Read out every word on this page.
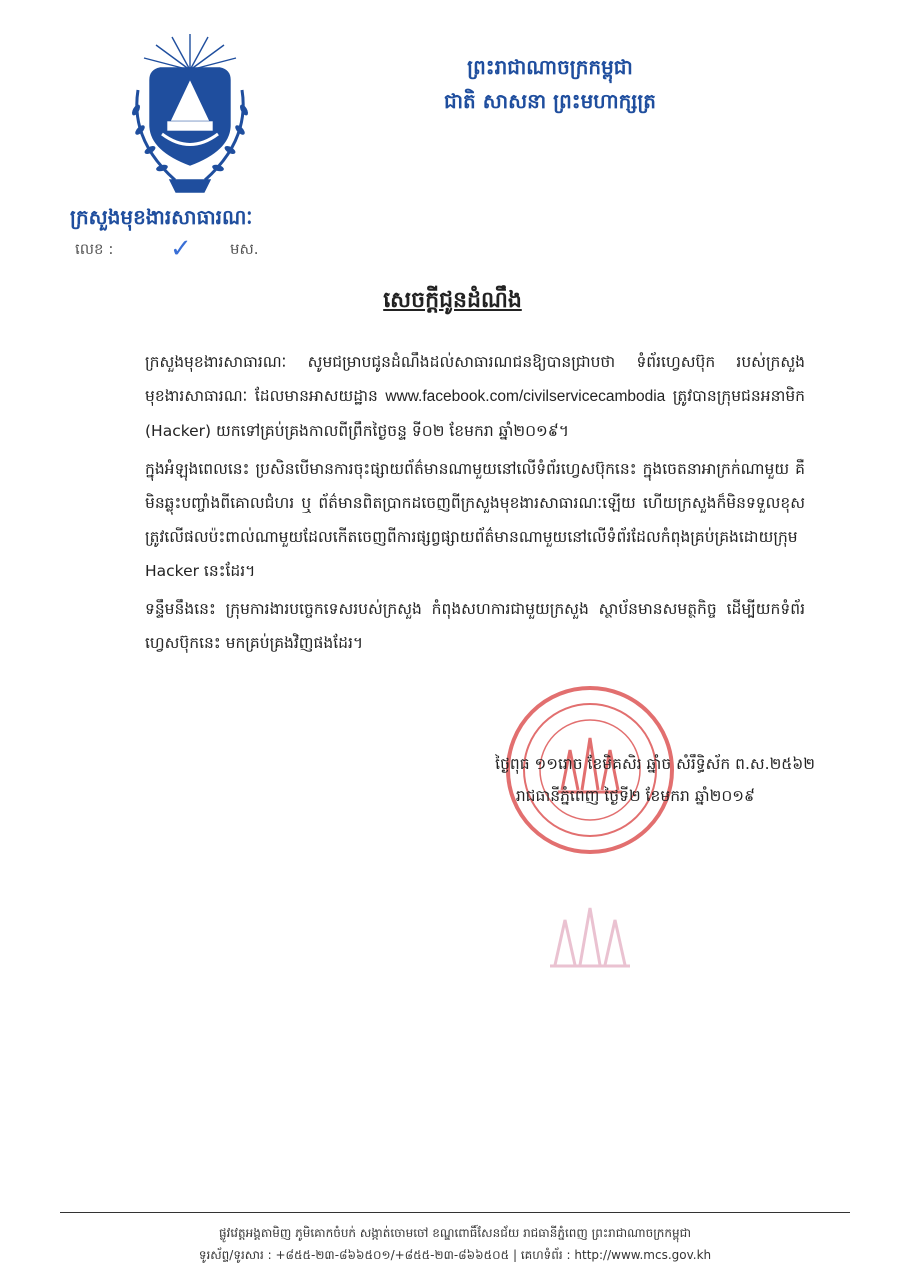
ក្រសួងមុខងារសាធារណៈ
លេខ : ✓	មស.
ព្រះរាជាណាចក្រកម្ពុជា
ជាតិ សាសនា ព្រះមហាក្សត្រ
សេចក្តីជូនដំណឹង

ក្រសួងមុខងារសាធារណៈ សូមជម្រាបជូនដំណឹងដល់សាធារណជនឱ្យបានជ្រាបថា ទំព័រហ្វេសប៊ុក របស់ក្រសួងមុខងារសាធារណៈ ដែលមានអាសយដ្ឋាន www.facebook.com/civilservicecambodia ត្រូវបានក្រុមជនអនាមិក (Hacker) យកទៅគ្រប់គ្រងកាលពីព្រឹកថ្ងៃចន្ទ ទី០២ ខែមករា ឆ្នាំ២០១៩។

ក្នុងអំឡុងពេលនេះ ប្រសិនបើមានការចុះផ្សាយព័ត៌មានណាមួយនៅលើទំព័រហ្វេសប៊ុកនេះ ក្នុងចេតនាអាក្រក់ណាមួយ គឺមិនឆ្លុះបញ្ចាំងពីគោលជំហរ ឬ ព័ត៌មានពិតប្រាកដចេញពីក្រសួងមុខងារសាធារណៈឡើយ ហើយក្រសួងក៏មិនទទួលខុសត្រូវលើផលប៉ះពាល់ណាមួយដែលកើតចេញពីការផ្សព្វផ្សាយព័ត៌មានណាមួយនៅលើទំព័រដែលកំពុងគ្រប់គ្រងដោយក្រុម Hacker នេះដែរ។

ទន្ទឹមនឹងនេះ ក្រុមការងារបច្ចេកទេសរបស់ក្រសួង កំពុងសហការជាមួយក្រសួង ស្ថាប័នមានសមត្ថកិច្ច ដើម្បីយកទំព័រហ្វេសប៊ុកនេះ មកគ្រប់គ្រងវិញផងដែរ។

ថ្ងៃពុធ ១១រោច ខែមិគសិរ ឆ្នាំច សំរឹទ្ធិស័ក ព.ស.២៥៦២
រាជធានីភ្នំពេញ ថ្ងៃទី២ ខែមករា ឆ្នាំ២០១៩
ផ្លូវវេត្តអង្គតាមិញ ភូមិគោកចំបក់ សង្កាត់ចោមចៅ ខណ្ឌពោធិ៍សែនជ័យ រាជធានីភ្នំពេញ ព្រះរាជាណាចក្រកម្ពុជា
ទូរស័ព្ទ/ទូរសារ : +៨៥៥-២៣-៨៦៦៥០១/+៨៥៥-២៣-៨៦៦៥០៥ | គេហទំព័រ : http://www.mcs.gov.kh
